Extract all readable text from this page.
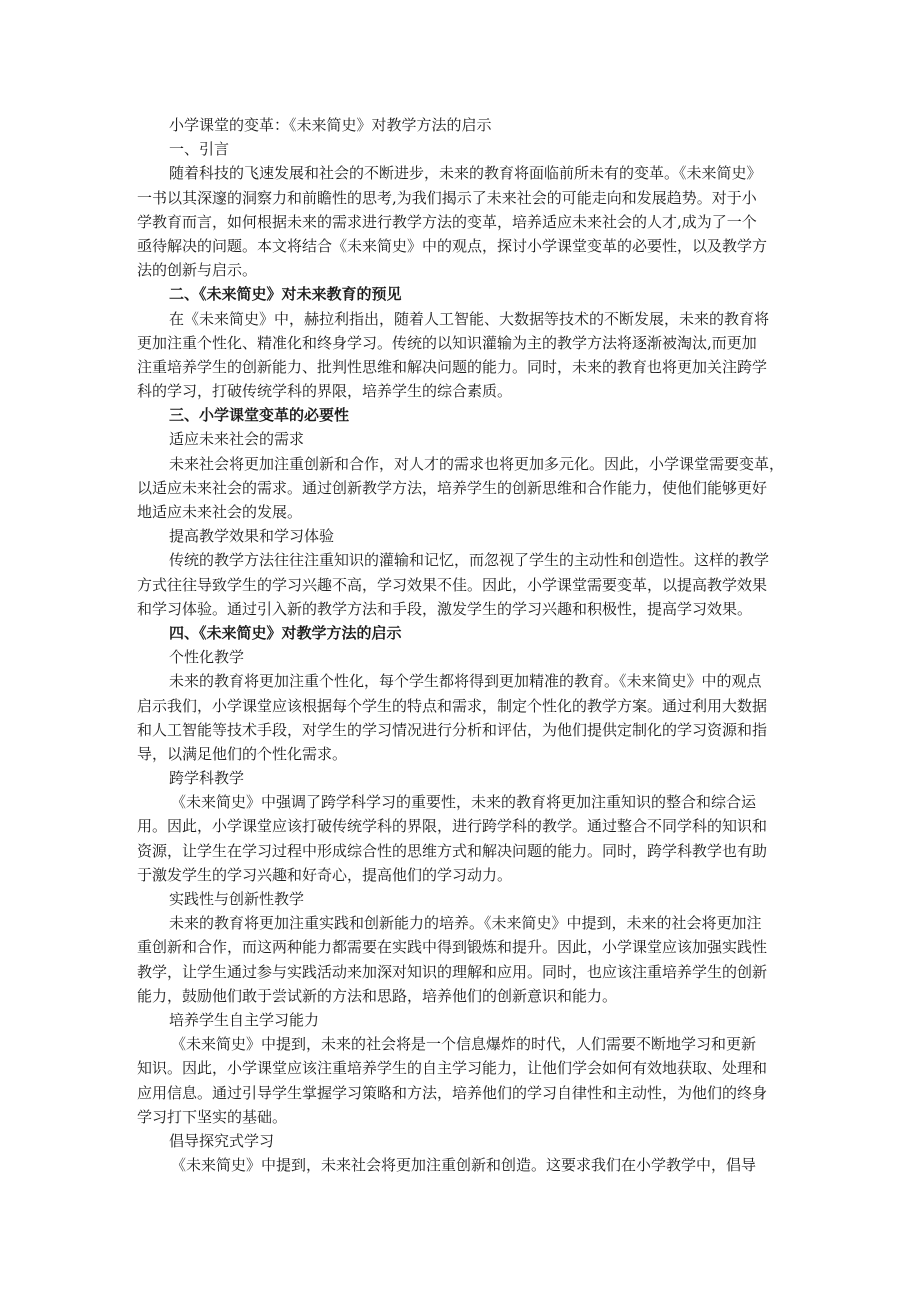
小学课堂的变革：《未来简史》对教学方法的启示
一、引言
随着科技的飞速发展和社会的不断进步，未来的教育将面临前所未有的变革。《未来简史》
一书以其深邃的洞察力和前瞻性的思考,为我们揭示了未来社会的可能走向和发展趋势。对于小
学教育而言，如何根据未来的需求进行教学方法的变革，培养适应未来社会的人才,成为了一个
亟待解决的问题。本文将结合《未来简史》中的观点，探讨小学课堂变革的必要性，以及教学方
法的创新与启示。
二、《未来简史》对未来教育的预见
在《未来简史》中，赫拉利指出，随着人工智能、大数据等技术的不断发展，未来的教育将
更加注重个性化、精准化和终身学习。传统的以知识灌输为主的教学方法将逐渐被淘汰,而更加
注重培养学生的创新能力、批判性思维和解决问题的能力。同时，未来的教育也将更加关注跨学
科的学习，打破传统学科的界限，培养学生的综合素质。
三、小学课堂变革的必要性
适应未来社会的需求
未来社会将更加注重创新和合作，对人才的需求也将更加多元化。因此，小学课堂需要变革，
以适应未来社会的需求。通过创新教学方法，培养学生的创新思维和合作能力，使他们能够更好
地适应未来社会的发展。
提高教学效果和学习体验
传统的教学方法往往注重知识的灌输和记忆，而忽视了学生的主动性和创造性。这样的教学
方式往往导致学生的学习兴趣不高，学习效果不佳。因此，小学课堂需要变革，以提高教学效果
和学习体验。通过引入新的教学方法和手段，激发学生的学习兴趣和积极性，提高学习效果。
四、《未来简史》对教学方法的启示
个性化教学
未来的教育将更加注重个性化，每个学生都将得到更加精准的教育。《未来简史》中的观点
启示我们，小学课堂应该根据每个学生的特点和需求，制定个性化的教学方案。通过利用大数据
和人工智能等技术手段，对学生的学习情况进行分析和评估，为他们提供定制化的学习资源和指
导，以满足他们的个性化需求。
跨学科教学
《未来简史》中强调了跨学科学习的重要性，未来的教育将更加注重知识的整合和综合运
用。因此，小学课堂应该打破传统学科的界限，进行跨学科的教学。通过整合不同学科的知识和
资源，让学生在学习过程中形成综合性的思维方式和解决问题的能力。同时，跨学科教学也有助
于激发学生的学习兴趣和好奇心，提高他们的学习动力。
实践性与创新性教学
未来的教育将更加注重实践和创新能力的培养。《未来简史》中提到，未来的社会将更加注
重创新和合作，而这两种能力都需要在实践中得到锻炼和提升。因此，小学课堂应该加强实践性
教学，让学生通过参与实践活动来加深对知识的理解和应用。同时，也应该注重培养学生的创新
能力，鼓励他们敢于尝试新的方法和思路，培养他们的创新意识和能力。
培养学生自主学习能力
《未来简史》中提到，未来的社会将是一个信息爆炸的时代，人们需要不断地学习和更新
知识。因此，小学课堂应该注重培养学生的自主学习能力，让他们学会如何有效地获取、处理和
应用信息。通过引导学生掌握学习策略和方法，培养他们的学习自律性和主动性，为他们的终身
学习打下坚实的基础。
倡导探究式学习
《未来简史》中提到，未来社会将更加注重创新和创造。这要求我们在小学教学中，倡导
